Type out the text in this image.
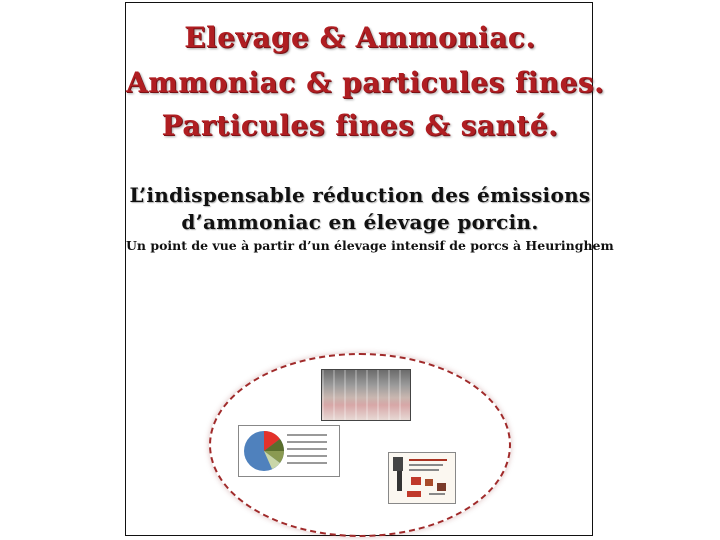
Elevage & Ammoniac.
Ammoniac & particules fines.
Particules fines & santé.
L’indispensable réduction des émissions
d’ammoniac en élevage porcin.
Un point de vue à partir d’un élevage intensif de porcs à Heuringhem
